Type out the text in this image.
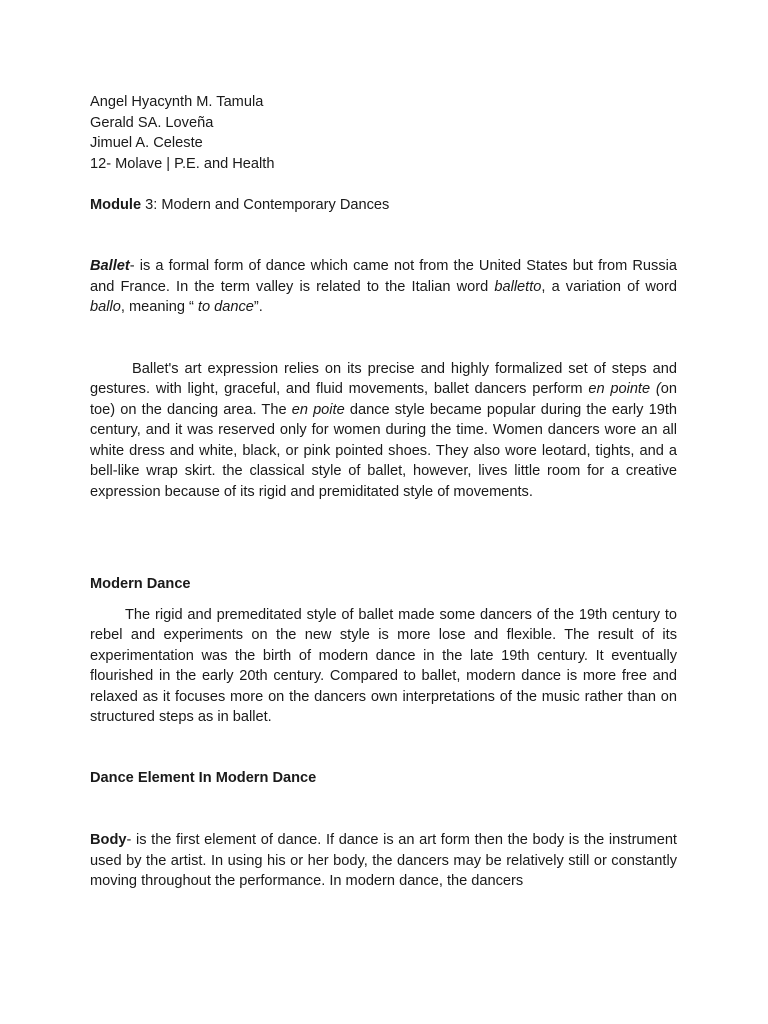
Angel Hyacynth M. Tamula
Gerald SA. Loveña
Jimuel A. Celeste
12- Molave | P.E. and Health
Module 3: Modern and Contemporary Dances

Ballet- is a formal form of dance which came not from the United States but from Russia and France. In the term valley is related to the Italian word balletto, a variation of word ballo, meaning “ to dance”.

Ballet's art expression relies on its precise and highly formalized set of steps and gestures. with light, graceful, and fluid movements, ballet dancers perform en pointe (on toe) on the dancing area. The en poite dance style became popular during the early 19th century, and it was reserved only for women during the time. Women dancers wore an all white dress and white, black, or pink pointed shoes. They also wore leotard, tights, and a bell-like wrap skirt. the classical style of ballet, however, lives little room for a creative expression because of its rigid and premiditated style of movements.

Modern Dance

The rigid and premeditated style of ballet made some dancers of the 19th century to rebel and experiments on the new style is more lose and flexible. The result of its experimentation was the birth of modern dance in the late 19th century. It eventually flourished in the early 20th century. Compared to ballet, modern dance is more free and relaxed as it focuses more on the dancers own interpretations of the music rather than on structured steps as in ballet.

Dance Element In Modern Dance

Body- is the first element of dance. If dance is an art form then the body is the instrument used by the artist. In using his or her body, the dancers may be relatively still or constantly moving throughout the performance. In modern dance, the dancers
